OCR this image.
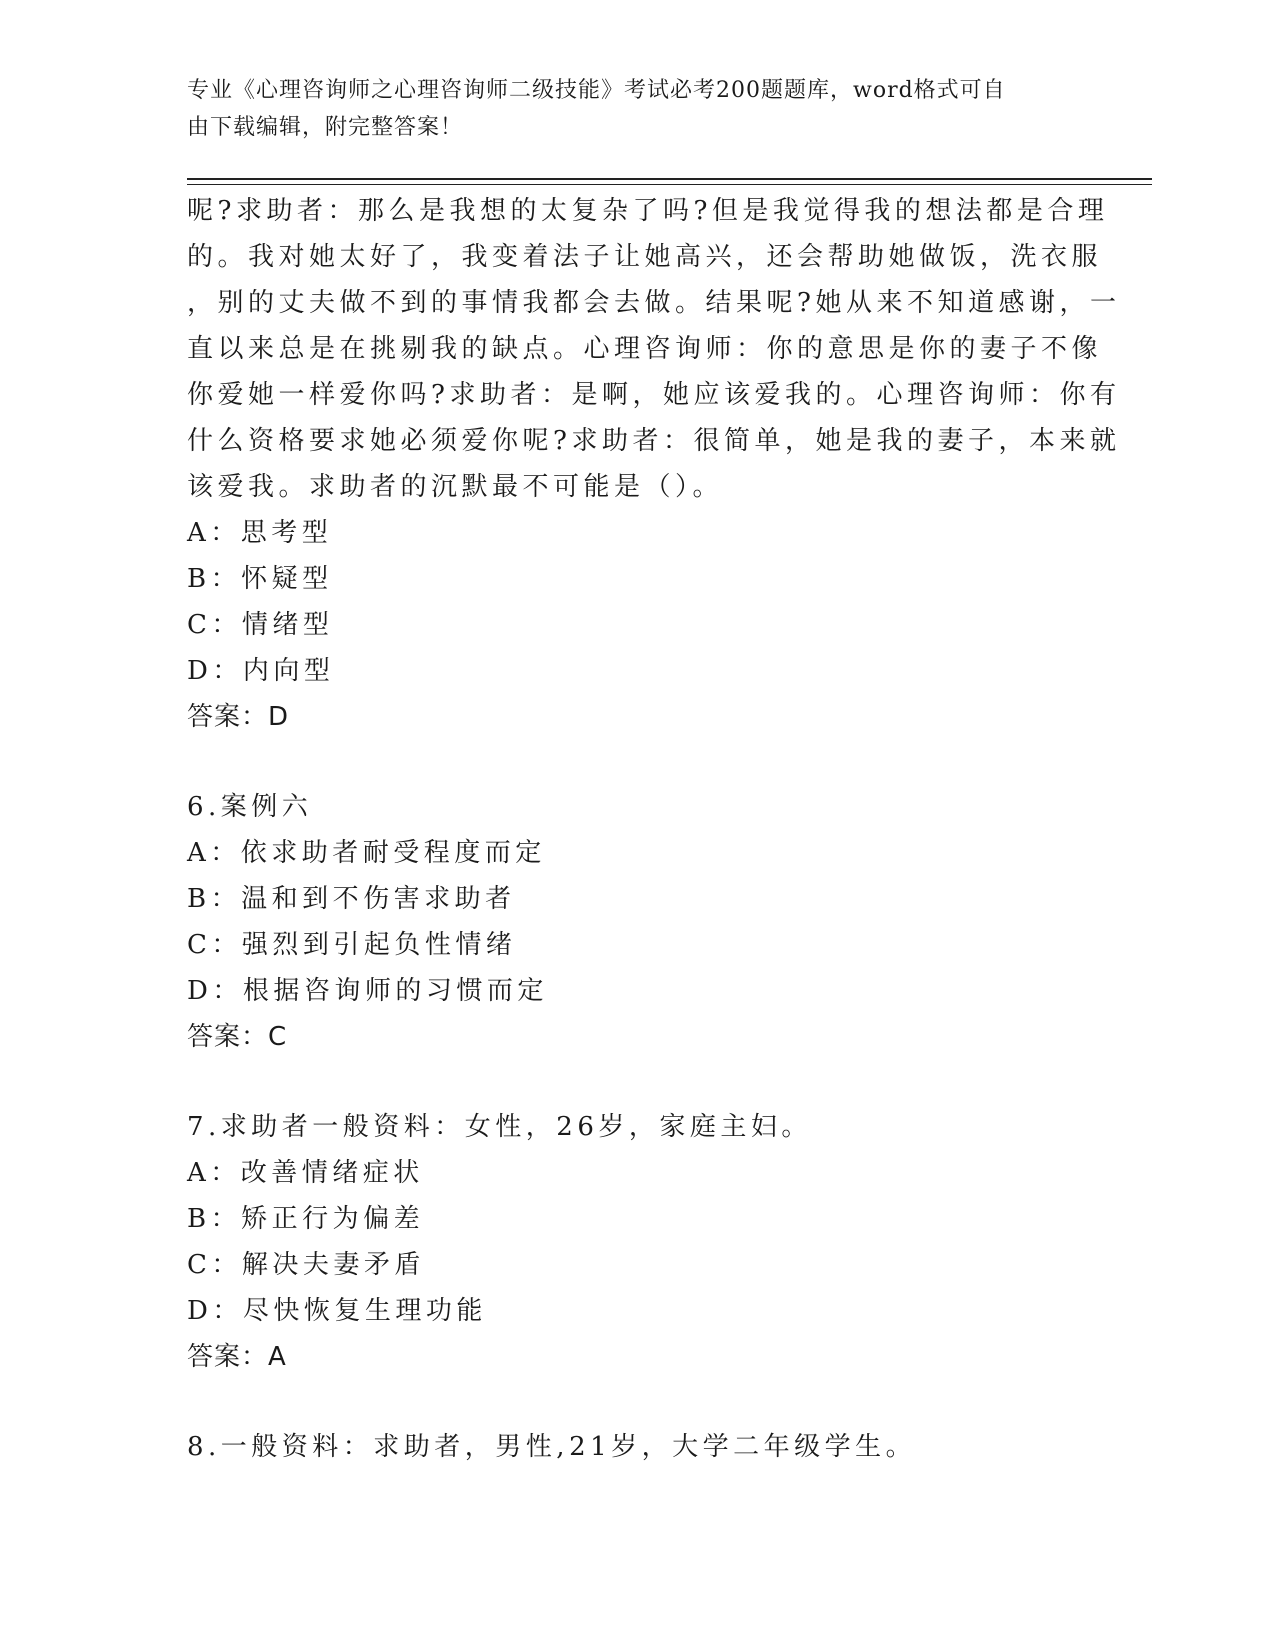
专业《心理咨询师之心理咨询师二级技能》考试必考200题题库，word格式可自
由下载编辑，附完整答案！
呢?求助者：那么是我想的太复杂了吗?但是我觉得我的想法都是合理
的。我对她太好了，我变着法子让她高兴，还会帮助她做饭，洗衣服
，别的丈夫做不到的事情我都会去做。结果呢?她从来不知道感谢，一
直以来总是在挑剔我的缺点。心理咨询师：你的意思是你的妻子不像
你爱她一样爱你吗?求助者：是啊，她应该爱我的。心理咨询师：你有
什么资格要求她必须爱你呢?求助者：很简单，她是我的妻子，本来就
该爱我。求助者的沉默最不可能是（）。
A：思考型
B：怀疑型
C：情绪型
D：内向型
答案：D
6.案例六
A：依求助者耐受程度而定
B：温和到不伤害求助者
C：强烈到引起负性情绪
D：根据咨询师的习惯而定
答案：C
7.求助者一般资料：女性，26岁，家庭主妇。
A：改善情绪症状
B：矫正行为偏差
C：解决夫妻矛盾
D：尽快恢复生理功能
答案：A
8.一般资料：求助者，男性,21岁，大学二年级学生。
